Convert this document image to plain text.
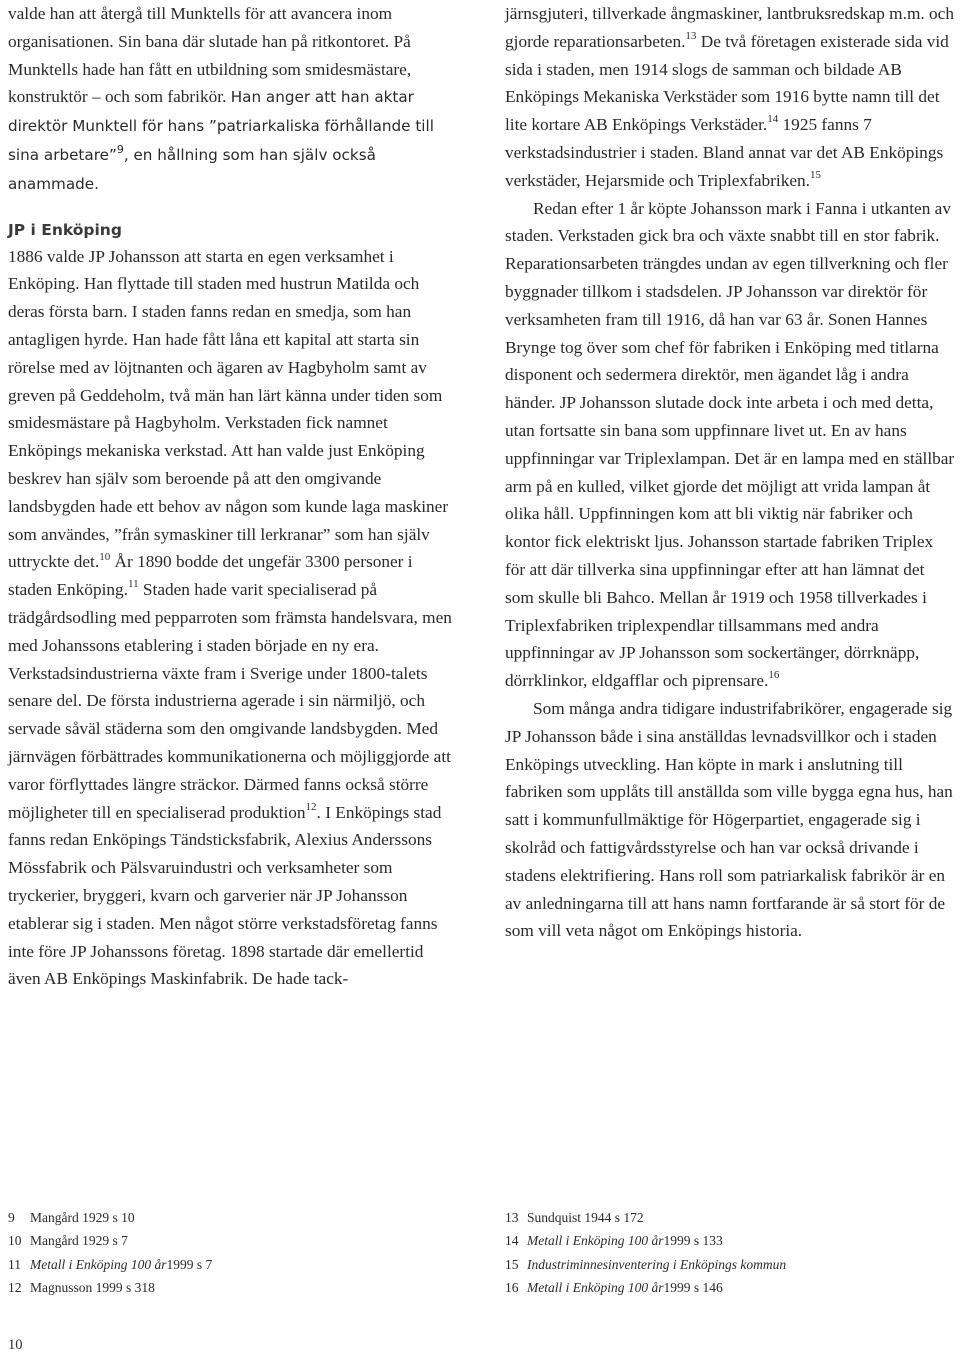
valde han att återgå till Munktells för att avancera inom organisationen. Sin bana där slutade han på ritkontoret. På Munktells hade han fått en utbildning som smidesmästare, konstruktör – och som fabrikör. Han anger att han aktar direktör Munktell för hans ”patriarkaliska förhållande till sina arbetare”$^9$, en hållning som han själv också anammade.

JP i Enköping

1886 valde JP Johansson att starta en egen verksamhet i Enköping. Han flyttade till staden med hustrun Matilda och deras första barn. I staden fanns redan en smedja, som han antagligen hyrde. Han hade fått låna ett kapital att starta sin rörelse med av löjtnanten och ägaren av Hagbyholm samt av greven på Geddeholm, två män han lärt känna under tiden som smidesmästare på Hagbyholm. Verkstaden fick namnet Enköpings mekaniska verkstad. Att han valde just Enköping beskrev han själv som beroende på att den omgivande landsbygden hade ett behov av någon som kunde laga maskiner som användes, ”från symaskiner till lerkranar” som han själv uttryckte det.$^{10}$ År 1890 bodde det ungefär 3300 personer i staden Enköping.$^{11}$ Staden hade varit specialiserad på trädgårdsodling med pepparroten som främsta handelsvara, men med Johanssons etablering i staden började en ny era. Verkstadsindustrierna växte fram i Sverige under 1800-talets senare del. De första industrierna agerade i sin närmiljö, och servade såväl städerna som den omgivande landsbygden. Med järnvägen förbättrades kommunikationerna och möjliggjorde att varor förflyttades längre sträckor. Därmed fanns också större möjligheter till en specialiserad produktion$^{12}$. I Enköpings stad fanns redan Enköpings Tändsticksfabrik, Alexius Anderssons Mössfabrik och Pälsvaruindustri och verksamheter som tryckerier, bryggeri, kvarn och garverier när JP Johansson etablerar sig i staden. Men något större verkstadsföretag fanns inte före JP Johanssons företag. 1898 startade där emellertid även AB Enköpings Maskinfabrik. De hade tack-

järnsgjuteri, tillverkade ångmaskiner, lantbruksredskap m.m. och gjorde reparationsarbeten.$^{13}$ De två företagen existerade sida vid sida i staden, men 1914 slogs de samman och bildade AB Enköpings Mekaniska Verkstäder som 1916 bytte namn till det lite kortare AB Enköpings Verkstäder.$^{14}$ 1925 fanns 7 verkstadsindustrier i staden. Bland annat var det AB Enköpings verkstäder, Hejarsmide och Triplexfabriken.$^{15}$

Redan efter 1 år köpte Johansson mark i Fanna i utkanten av staden. Verkstaden gick bra och växte snabbt till en stor fabrik. Reparationsarbeten trängdes undan av egen tillverkning och fler byggnader tillkom i stadsdelen. JP Johansson var direktör för verksamheten fram till 1916, då han var 63 år. Sonen Hannes Brynge tog över som chef för fabriken i Enköping med titlarna disponent och sedermera direktör, men ägandet låg i andra händer. JP Johansson slutade dock inte arbeta i och med detta, utan fortsatte sin bana som uppfinnare livet ut. En av hans uppfinningar var Triplexlampan. Det är en lampa med en ställbar arm på en kulled, vilket gjorde det möjligt att vrida lampan åt olika håll. Uppfinningen kom att bli viktig när fabriker och kontor fick elektriskt ljus. Johansson startade fabriken Triplex för att där tillverka sina uppfinningar efter att han lämnat det som skulle bli Bahco. Mellan år 1919 och 1958 tillverkades i Triplexfabriken triplexpendlar tillsammans med andra uppfinningar av JP Johansson som sockertänger, dörrknäpp, dörrklinkor, eldgafflar och piprensare.$^{16}$

Som många andra tidigare industrifabrikörer, engagerade sig JP Johansson både i sina anställdas levnadsvillkor och i staden Enköpings utveckling. Han köpte in mark i anslutning till fabriken som upplåts till anställda som ville bygga egna hus, han satt i kommunfullmäktige för Högerpartiet, engagerade sig i skolråd och fattigvårdsstyrelse och han var också drivande i stadens elektrifiering. Hans roll som patriarkalisk fabrikör är en av anledningarna till att hans namn fortfarande är så stort för de som vill veta något om Enköpings historia.

9	Mangård 1929 s 10
10 Mangård 1929 s 7
11 Metall i Enköping 100 år 1999 s 7
12 Magnusson 1999 s 318
13 Sundquist 1944 s 172
14 Metall i Enköping 100 år 1999 s 133
15 Industriminnesinventering i Enköpings kommun
16 Metall i Enköping 100 år 1999 s 146
10
